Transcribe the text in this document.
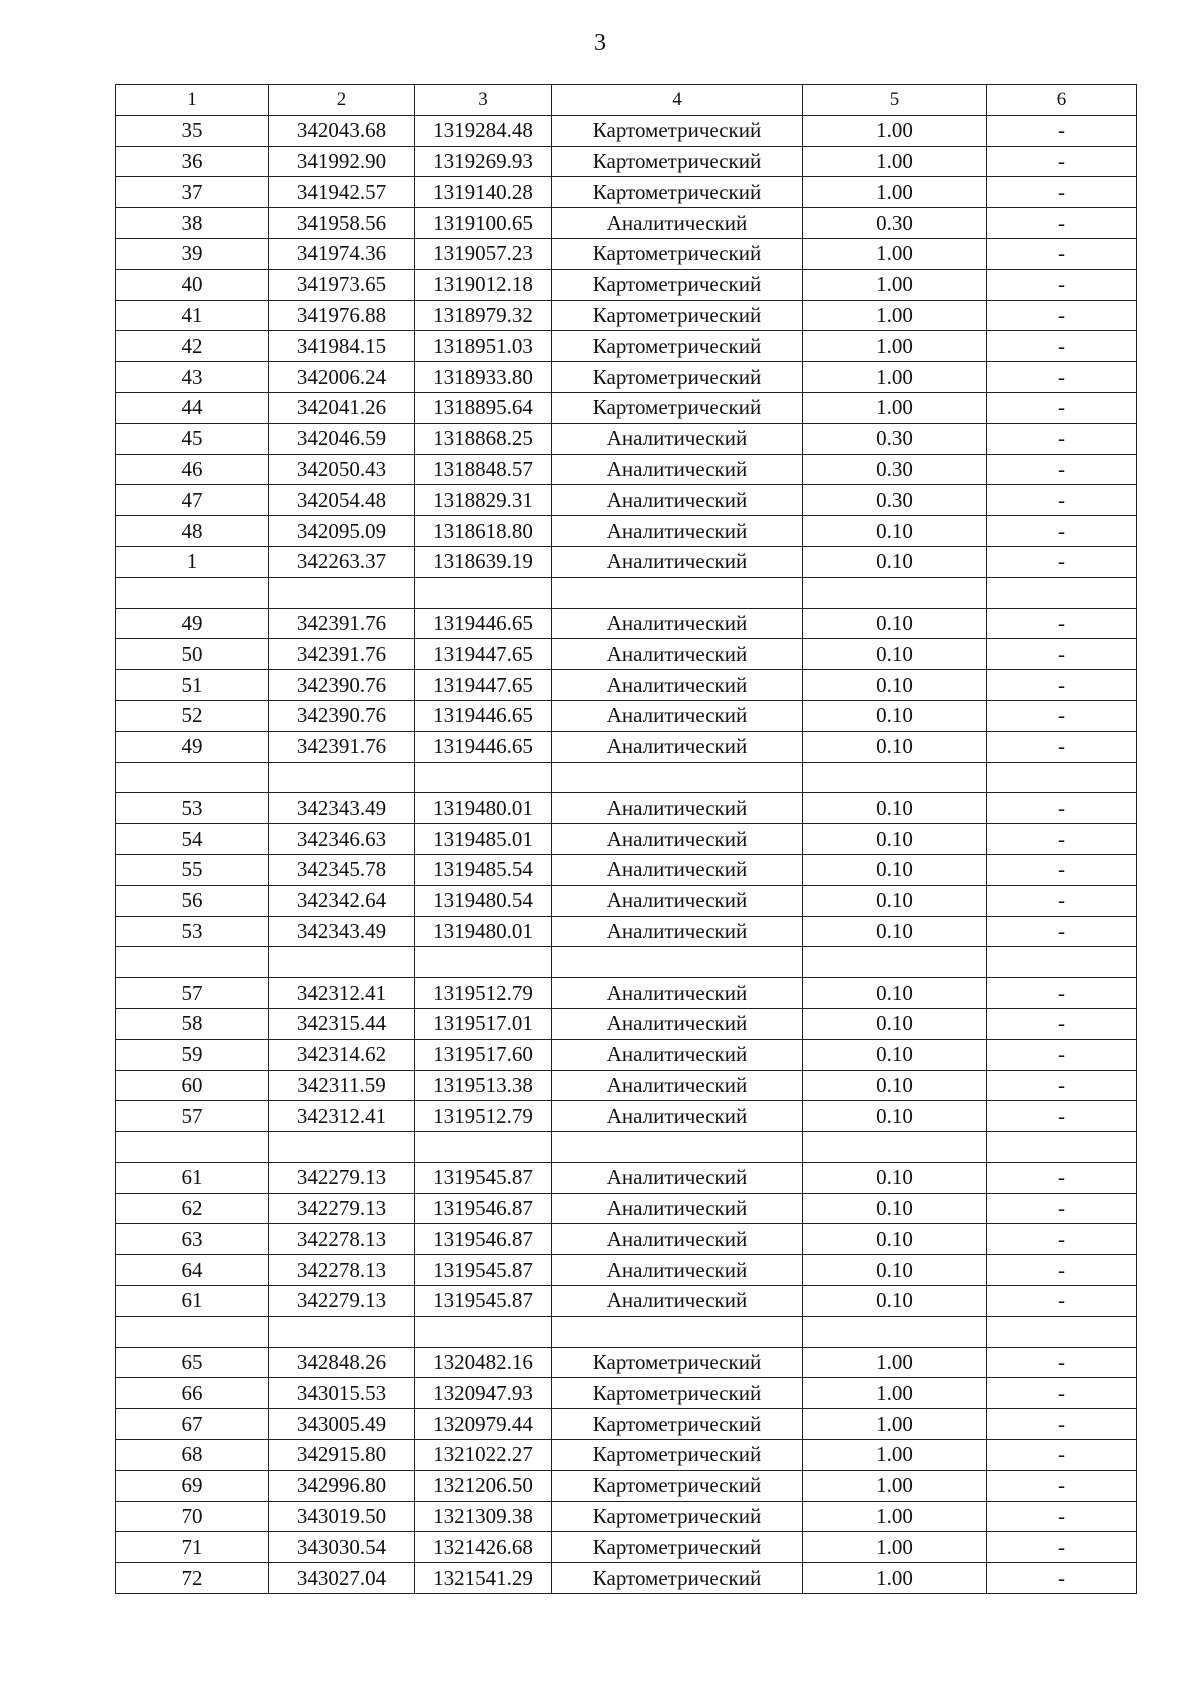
3
1	2	3	4	5	6
35	342043.68	1319284.48	Картометрический	1.00	-
36	341992.90	1319269.93	Картометрический	1.00	-
37	341942.57	1319140.28	Картометрический	1.00	-
38	341958.56	1319100.65	Аналитический	0.30	-
39	341974.36	1319057.23	Картометрический	1.00	-
40	341973.65	1319012.18	Картометрический	1.00	-
41	341976.88	1318979.32	Картометрический	1.00	-
42	341984.15	1318951.03	Картометрический	1.00	-
43	342006.24	1318933.80	Картометрический	1.00	-
44	342041.26	1318895.64	Картометрический	1.00	-
45	342046.59	1318868.25	Аналитический	0.30	-
46	342050.43	1318848.57	Аналитический	0.30	-
47	342054.48	1318829.31	Аналитический	0.30	-
48	342095.09	1318618.80	Аналитический	0.10	-
1	342263.37	1318639.19	Аналитический	0.10	-

49	342391.76	1319446.65	Аналитический	0.10	-
50	342391.76	1319447.65	Аналитический	0.10	-
51	342390.76	1319447.65	Аналитический	0.10	-
52	342390.76	1319446.65	Аналитический	0.10	-
49	342391.76	1319446.65	Аналитический	0.10	-

53	342343.49	1319480.01	Аналитический	0.10	-
54	342346.63	1319485.01	Аналитический	0.10	-
55	342345.78	1319485.54	Аналитический	0.10	-
56	342342.64	1319480.54	Аналитический	0.10	-
53	342343.49	1319480.01	Аналитический	0.10	-

57	342312.41	1319512.79	Аналитический	0.10	-
58	342315.44	1319517.01	Аналитический	0.10	-
59	342314.62	1319517.60	Аналитический	0.10	-
60	342311.59	1319513.38	Аналитический	0.10	-
57	342312.41	1319512.79	Аналитический	0.10	-

61	342279.13	1319545.87	Аналитический	0.10	-
62	342279.13	1319546.87	Аналитический	0.10	-
63	342278.13	1319546.87	Аналитический	0.10	-
64	342278.13	1319545.87	Аналитический	0.10	-
61	342279.13	1319545.87	Аналитический	0.10	-

65	342848.26	1320482.16	Картометрический	1.00	-
66	343015.53	1320947.93	Картометрический	1.00	-
67	343005.49	1320979.44	Картометрический	1.00	-
68	342915.80	1321022.27	Картометрический	1.00	-
69	342996.80	1321206.50	Картометрический	1.00	-
70	343019.50	1321309.38	Картометрический	1.00	-
71	343030.54	1321426.68	Картометрический	1.00	-
72	343027.04	1321541.29	Картометрический	1.00	-
